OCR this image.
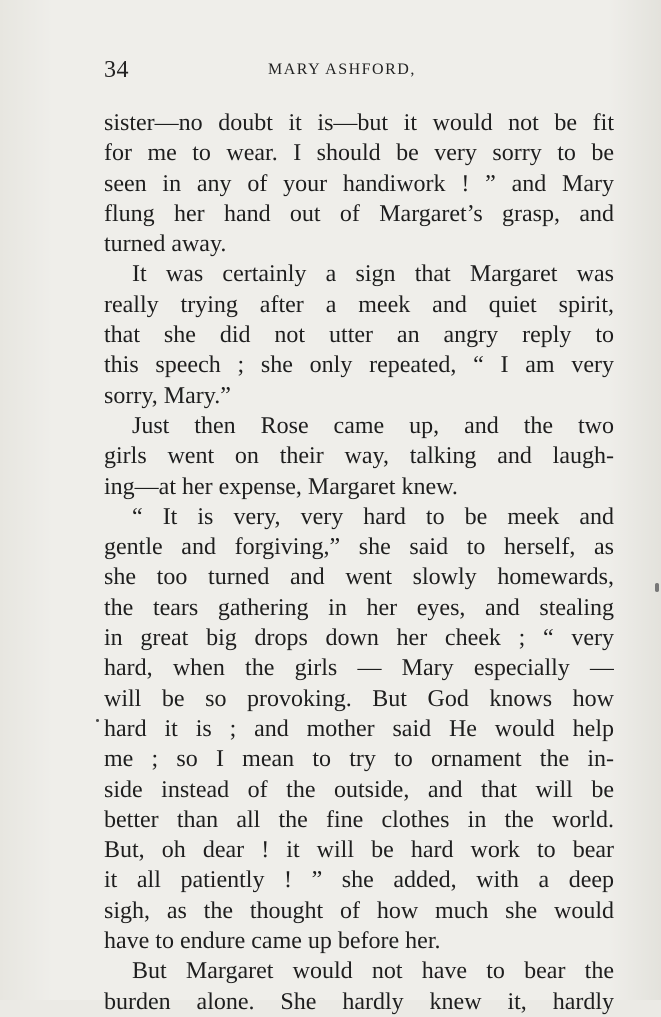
34	MARY ASHFORD,
sister—no doubt it is—but it would not be fit
for me to wear. I should be very sorry to be
seen in any of your handiwork ! ” and Mary
flung her hand out of Margaret’s grasp, and
turned away.
It was certainly a sign that Margaret was
really trying after a meek and quiet spirit,
that she did not utter an angry reply to
this speech ; she only repeated, “ I am very
sorry, Mary.”
Just then Rose came up, and the two
girls went on their way, talking and laugh-
ing—at her expense, Margaret knew.
“ It is very, very hard to be meek and
gentle and forgiving,” she said to herself, as
she too turned and went slowly homewards,
the tears gathering in her eyes, and stealing
in great big drops down her cheek ; “ very
hard, when the girls — Mary especially —
will be so provoking. But God knows how
hard it is ; and mother said He would help
me ; so I mean to try to ornament the in-
side instead of the outside, and that will be
better than all the fine clothes in the world.
But, oh dear ! it will be hard work to bear
it all patiently ! ” she added, with a deep
sigh, as the thought of how much she would
have to endure came up before her.
But Margaret would not have to bear the
burden alone. She hardly knew it, hardly
